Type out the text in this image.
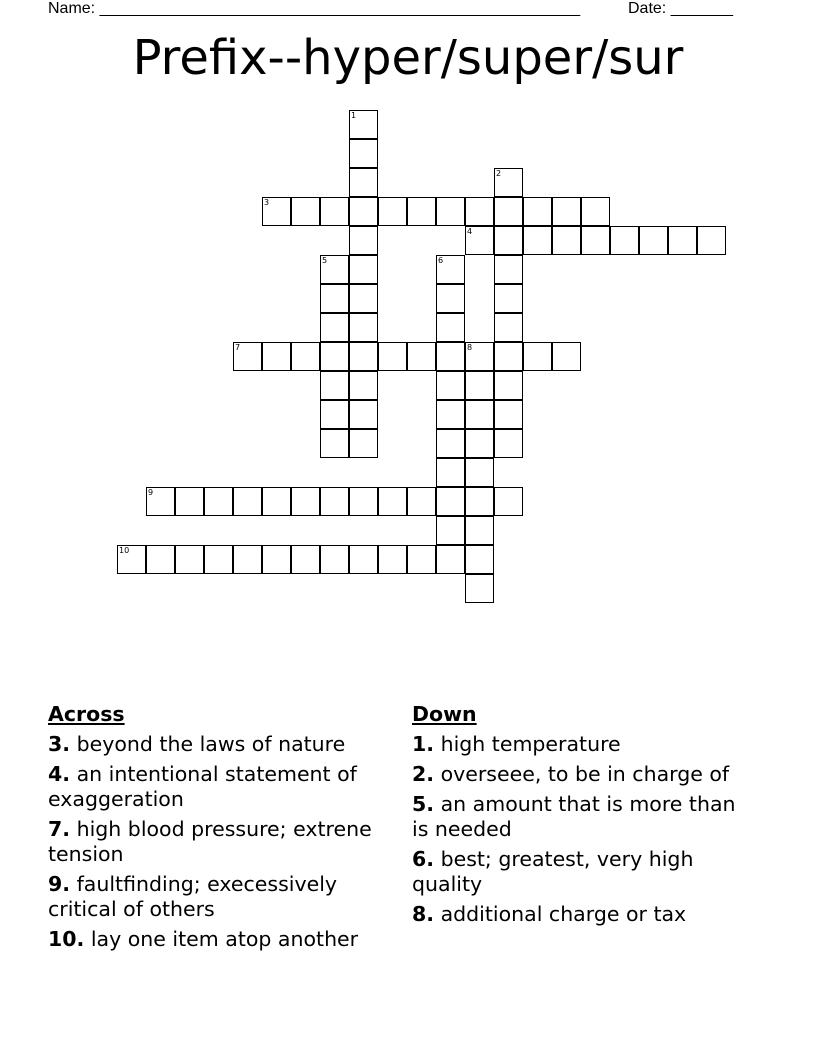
Name: ______________________________________________________	Date: _______
Prefix--hyper/super/sur
1
2
3
4
5	6
7	8
9
10
Across
3. beyond the laws of nature
4. an intentional statement of exaggeration
7. high blood pressure; extrene tension
9. faultfinding; execessively critical of others
10. lay one item atop another
Down
1. high temperature
2. overseee, to be in charge of
5. an amount that is more than is needed
6. best; greatest, very high quality
8. additional charge or tax
